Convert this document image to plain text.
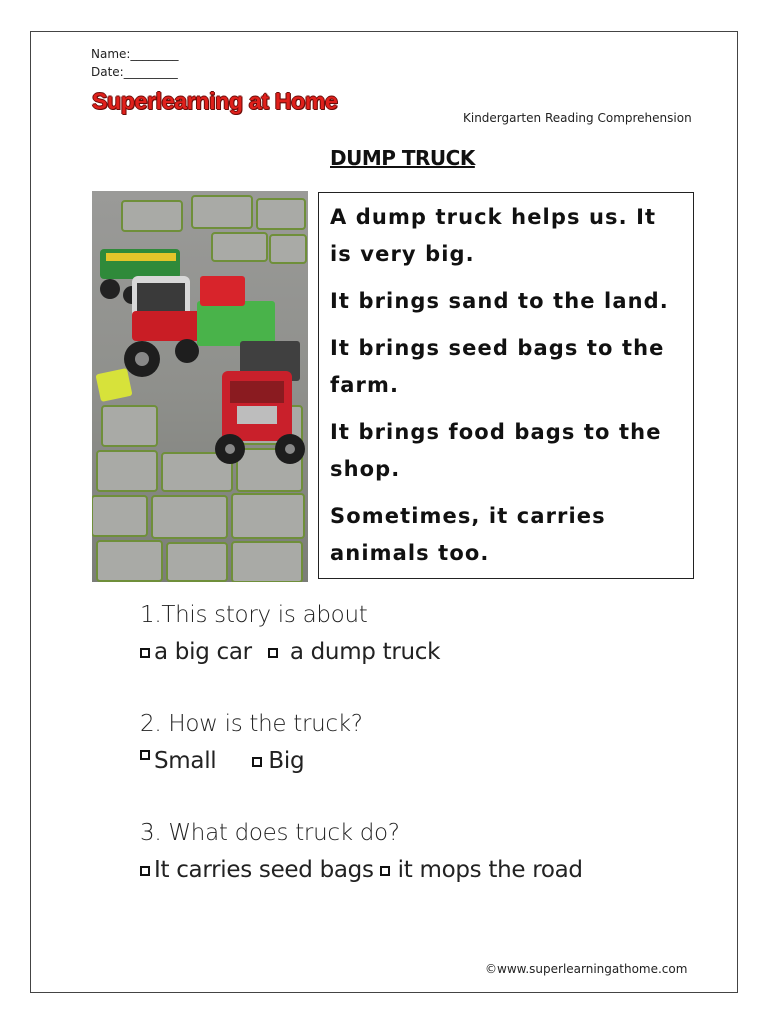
Name:________
Date:_________
Superlearning at Home
Kindergarten Reading Comprehension
DUMP TRUCK

A dump truck helps us. It is very big.

It brings sand to the land.

It brings seed bags to the farm.

It brings food bags to the shop.

Sometimes, it carries animals too.

1.This story is about
a big car a dump truck
2. How is the truck?
Small Big
3. What does truck do?
It carries seed bags it mops the road
©www.superlearningathome.com
